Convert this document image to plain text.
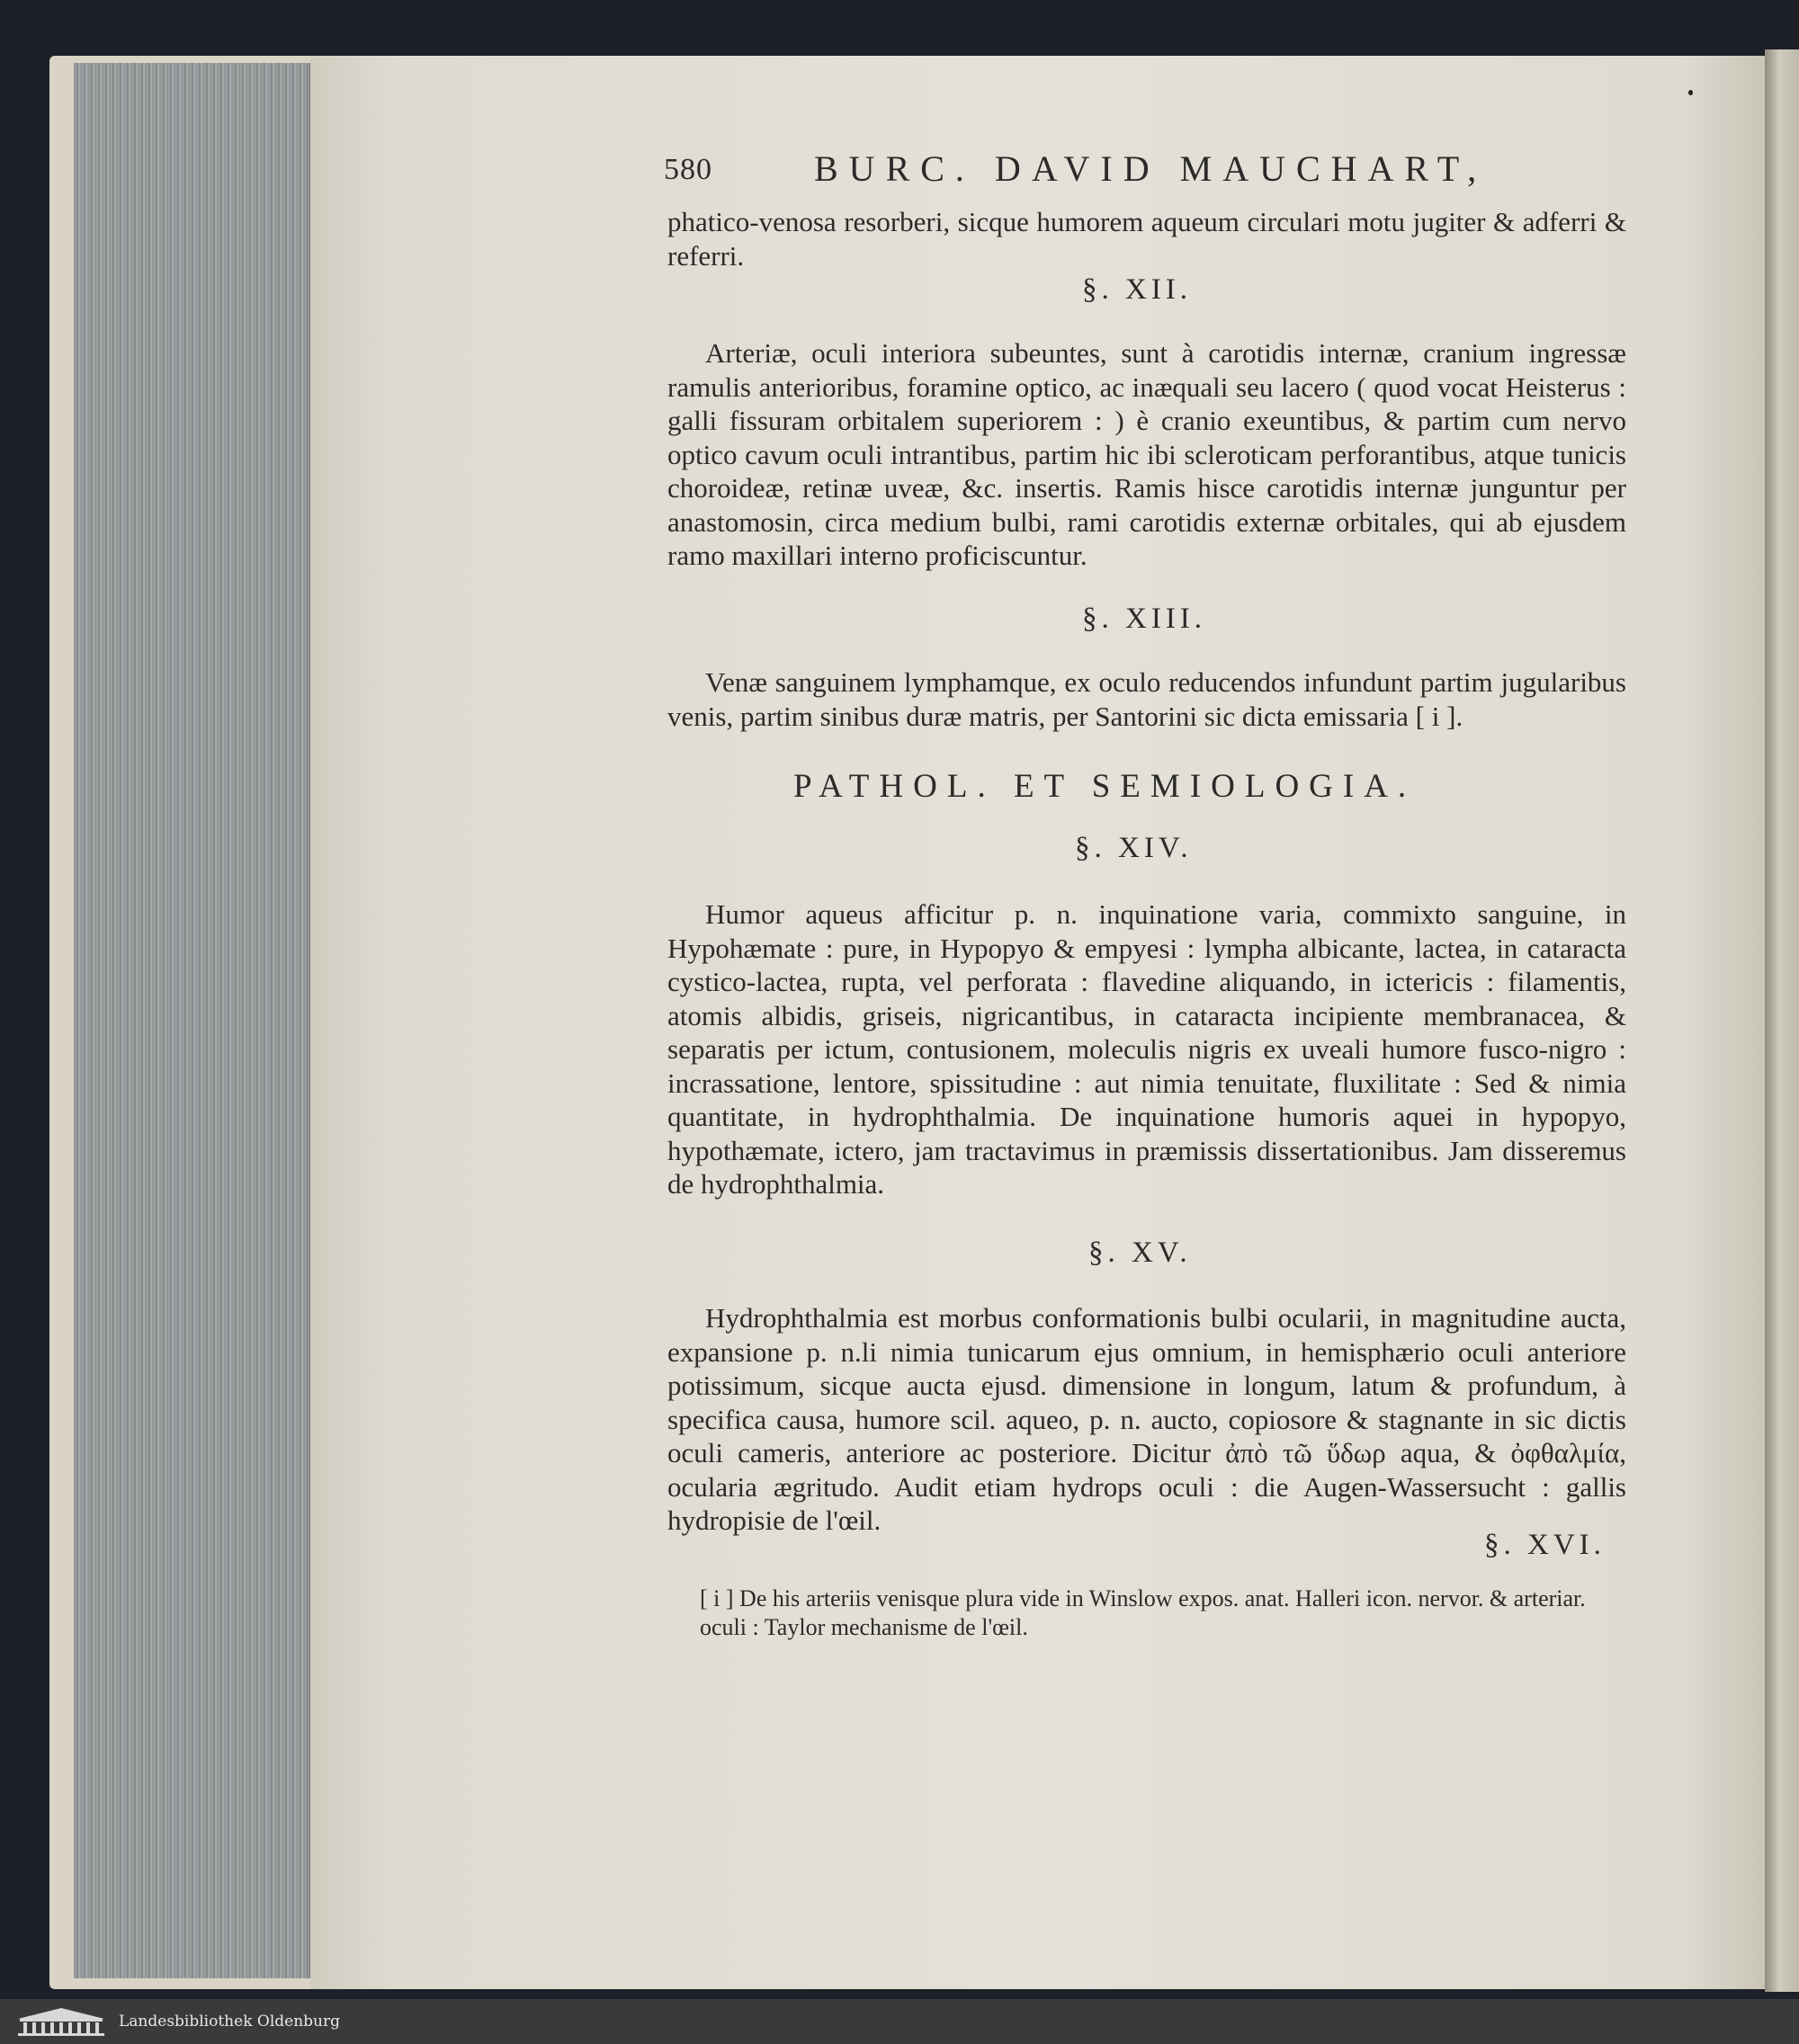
580	BURC. DAVID MAUCHART,
phatico-venosa resorberi, sicque humorem aqueum circulari motu jugiter & adferri & referri.
§. XII.
Arteriæ, oculi interiora subeuntes, sunt à carotidis internæ, cranium ingressæ ramulis anterioribus, foramine optico, ac inæquali seu lacero ( quod vocat Heisterus : galli fissuram orbitalem superiorem : ) è cranio exeuntibus, & partim cum nervo optico cavum oculi intrantibus, partim hic ibi scleroticam perforantibus, atque tunicis choroideæ, retinæ uveæ, &c. insertis. Ramis hisce carotidis internæ junguntur per anastomosin, circa medium bulbi, rami carotidis externæ orbitales, qui ab ejusdem ramo maxillari interno proficiscuntur.
§. XIII.
Venæ sanguinem lymphamque, ex oculo reducendos infundunt partim jugularibus venis, partim sinibus duræ matris, per Santorini sic dicta emissaria [ i ].
PATHOL. ET SEMIOLOGIA.
§. XIV.
Humor aqueus afficitur p. n. inquinatione varia, commixto sanguine, in Hypohæmate : pure, in Hypopyo & empyesi : lympha albicante, lactea, in cataracta cystico-lactea, rupta, vel perforata : flavedine aliquando, in ictericis : filamentis, atomis albidis, griseis, nigricantibus, in cataracta incipiente membranacea, & separatis per ictum, contusionem, moleculis nigris ex uveali humore fusco-nigro : incrassatione, lentore, spissitudine : aut nimia tenuitate, fluxilitate : Sed & nimia quantitate, in hydrophthalmia. De inquinatione humoris aquei in hypopyo, hypothæmate, ictero, jam tractavimus in præmissis dissertationibus. Jam disseremus de hydrophthalmia.
§. XV.
Hydrophthalmia est morbus conformationis bulbi ocularii, in magnitudine aucta, expansione p. n.li nimia tunicarum ejus omnium, in hemisphærio oculi anteriore potissimum, sicque aucta ejusd. dimensione in longum, latum & profundum, à specifica causa, humore scil. aqueo, p. n. aucto, copiosore & stagnante in sic dictis oculi cameris, anteriore ac posteriore. Dicitur ἀπὸ τῶ ὕδωρ aqua, & ὀφθαλμία, ocularia ægritudo. Audit etiam hydrops oculi : die Augen-Wassersucht : gallis hydropisie de l'œil.
§. XVI.
[ i ] De his arteriis venisque plura vide in Winslow expos. anat. Halleri icon. nervor. & arteriar. oculi : Taylor mechanisme de l'œil.
Landesbibliothek Oldenburg
